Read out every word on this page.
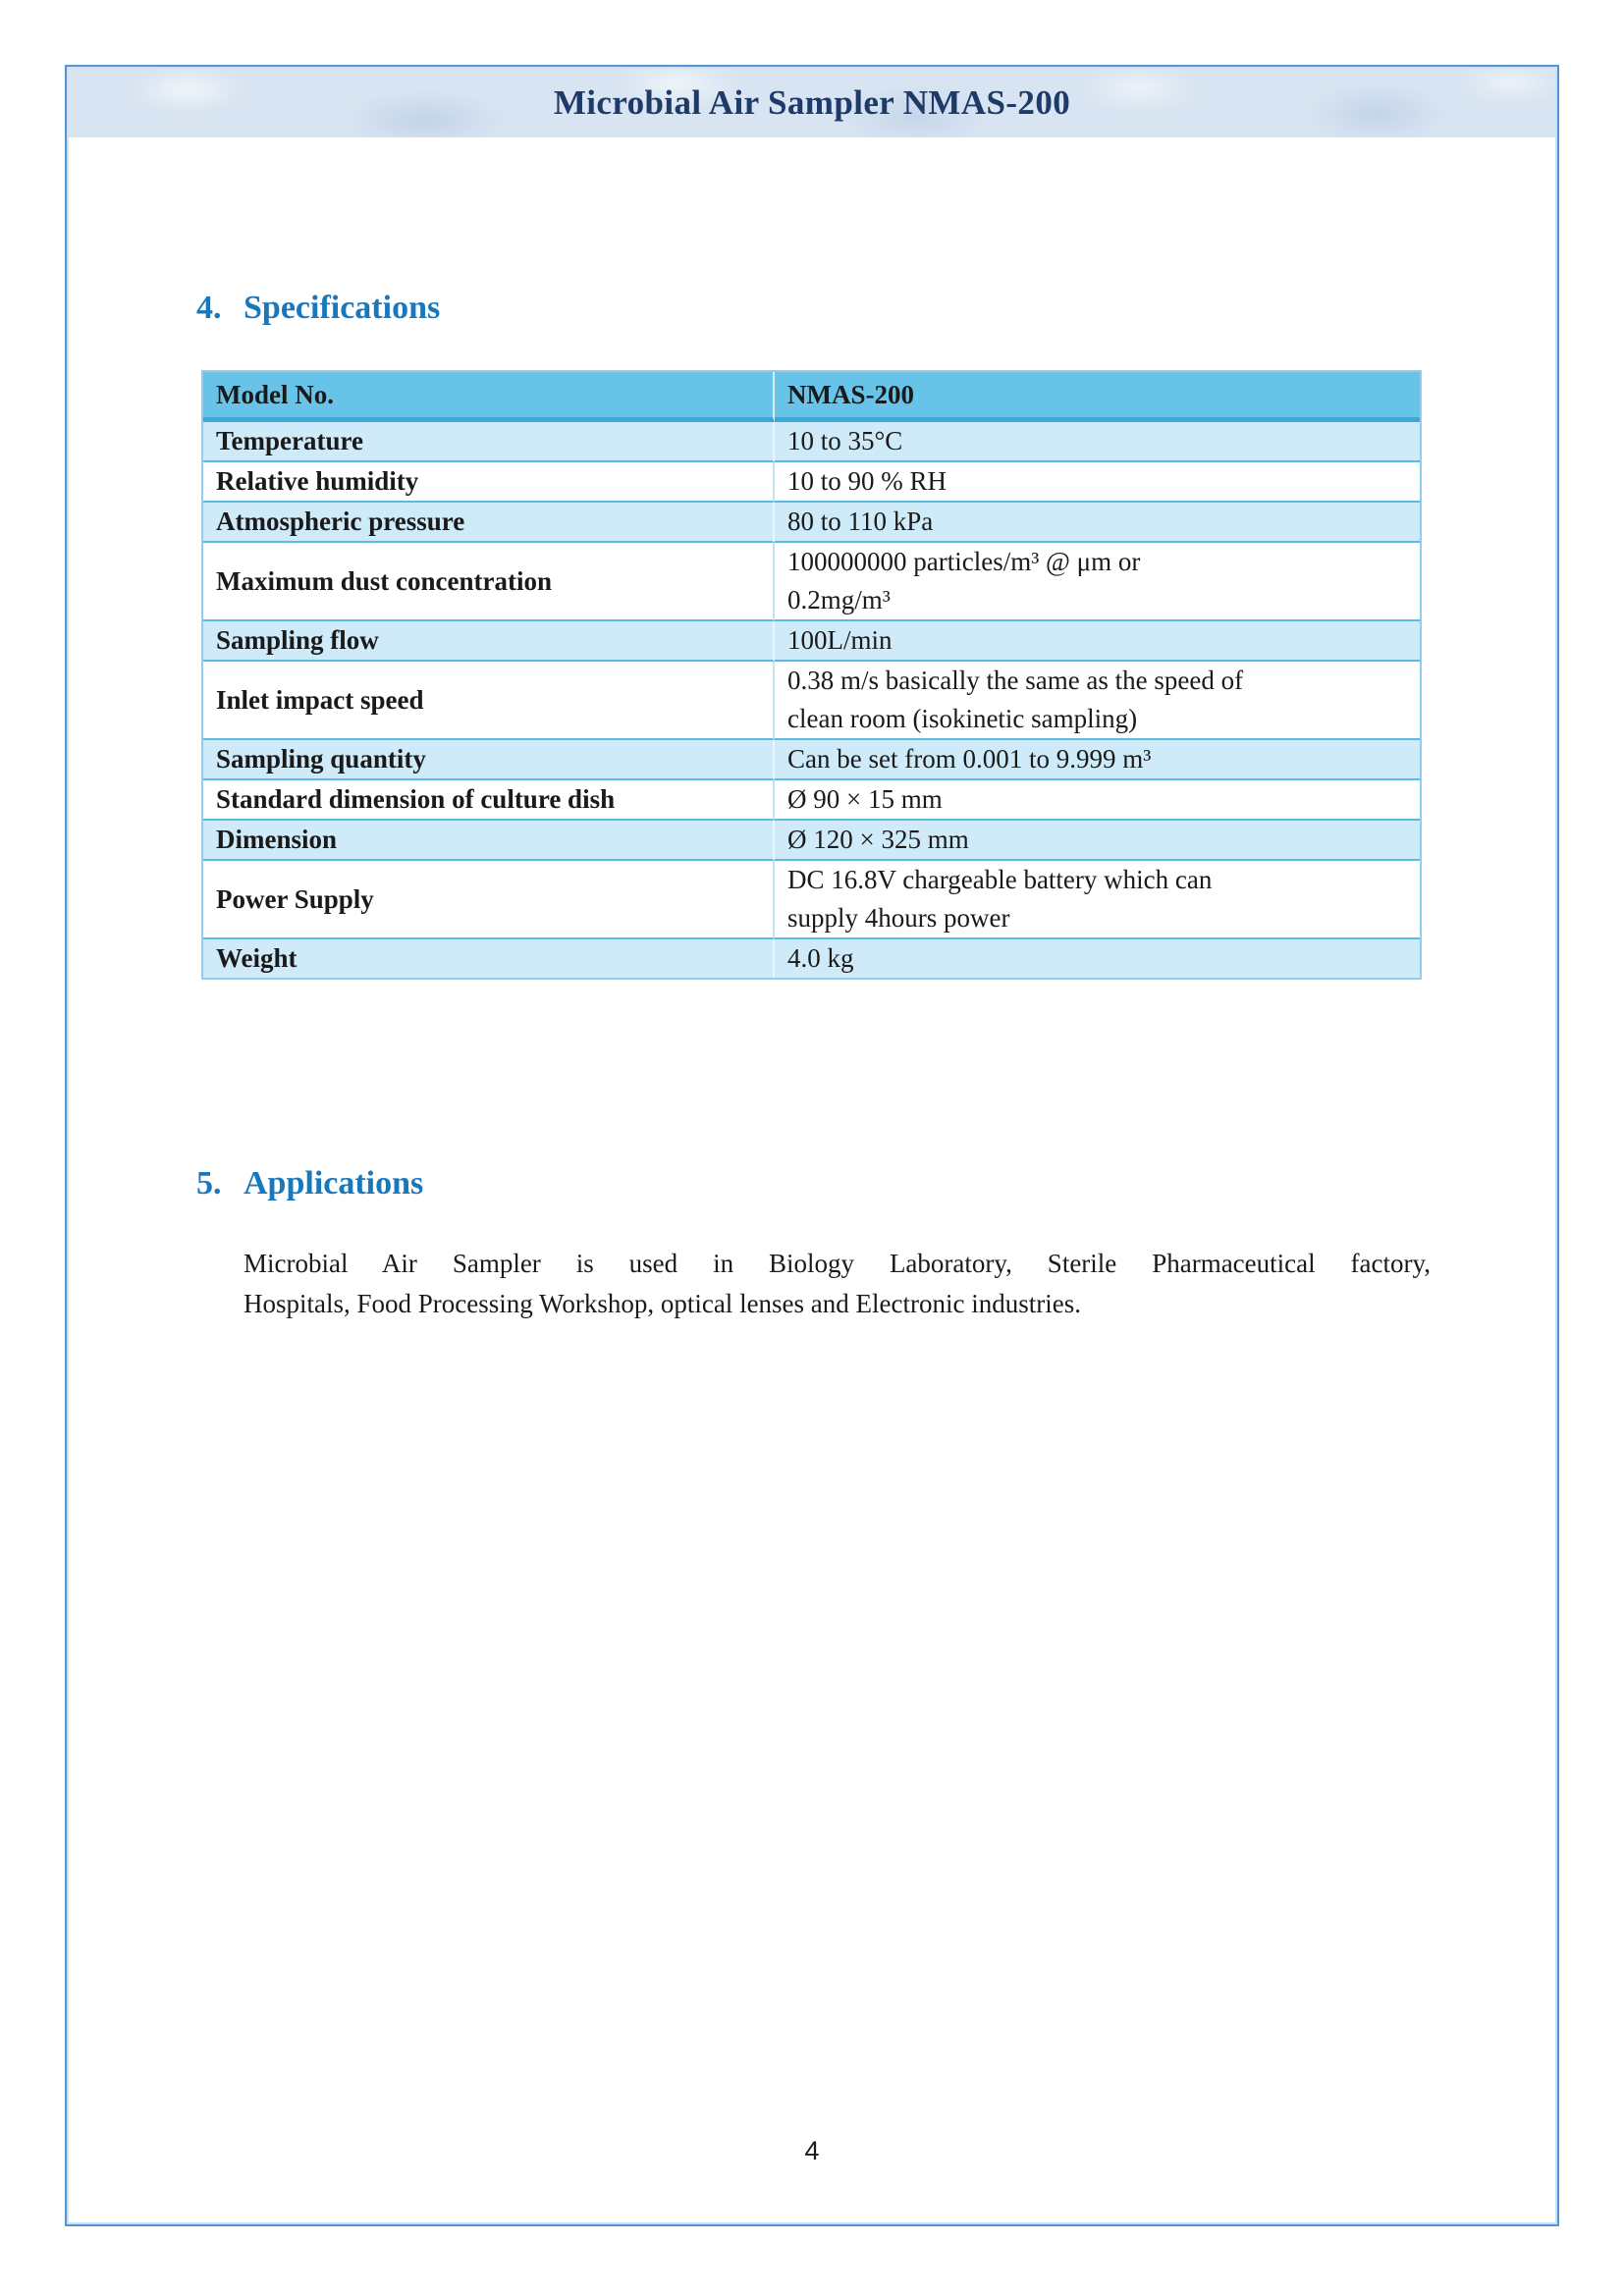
Microbial Air Sampler NMAS-200
4. Specifications
Model No.	NMAS-200
Temperature	10 to 35°C

Relative humidity	10 to 90 % RH

Atmospheric pressure	80 to 110 kPa

Maximum dust concentration	100000000 particles/m³ @ μm or
0.2mg/m³

Sampling flow	100L/min

Inlet impact speed	0.38 m/s basically the same as the speed of
clean room (isokinetic sampling)

Sampling quantity	Can be set from 0.001 to 9.999 m³

Standard dimension of culture dish	Ø 90 × 15 mm

Dimension	Ø 120 × 325 mm

Power Supply	DC 16.8V chargeable battery which can
supply 4hours power

Weight	4.0 kg
5. Applications
Microbial Air Sampler is used in Biology Laboratory, Sterile Pharmaceutical factory,
Hospitals, Food Processing Workshop, optical lenses and Electronic industries.
4
